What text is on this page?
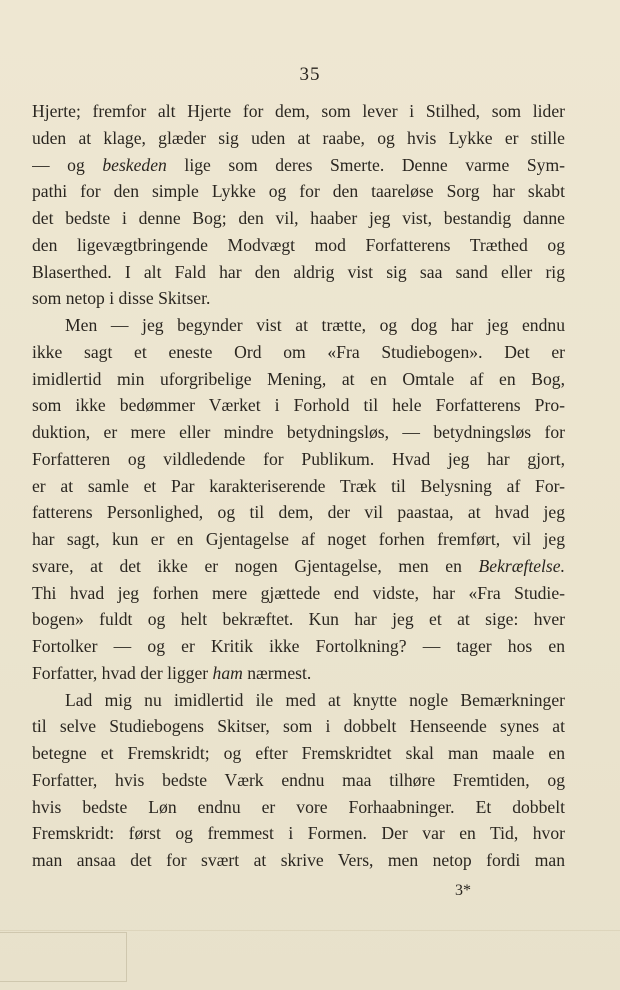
35
Hjerte; fremfor alt Hjerte for dem, som lever i Stilhed, som lider
uden at klage, glæder sig uden at raabe, og hvis Lykke er stille
— og beskeden lige som deres Smerte. Denne varme Sym-
pathi for den simple Lykke og for den taareløse Sorg har skabt
det bedste i denne Bog; den vil, haaber jeg vist, bestandig danne
den ligevægtbringende Modvægt mod Forfatterens Træthed og
Blaserthed. I alt Fald har den aldrig vist sig saa sand eller rig
som netop i disse Skitser.
Men — jeg begynder vist at trætte, og dog har jeg endnu
ikke sagt et eneste Ord om «Fra Studiebogen». Det er
imidlertid min uforgribelige Mening, at en Omtale af en Bog,
som ikke bedømmer Værket i Forhold til hele Forfatterens Pro-
duktion, er mere eller mindre betydningsløs, — betydningsløs for
Forfatteren og vildledende for Publikum. Hvad jeg har gjort,
er at samle et Par karakteriserende Træk til Belysning af For-
fatterens Personlighed, og til dem, der vil paastaa, at hvad jeg
har sagt, kun er en Gjentagelse af noget forhen fremført, vil jeg
svare, at det ikke er nogen Gjentagelse, men en Bekræftelse.
Thi hvad jeg forhen mere gjættede end vidste, har «Fra Studie-
bogen» fuldt og helt bekræftet. Kun har jeg et at sige: hver
Fortolker — og er Kritik ikke Fortolkning? — tager hos en
Forfatter, hvad der ligger ham nærmest.
Lad mig nu imidlertid ile med at knytte nogle Bemærkninger
til selve Studiebogens Skitser, som i dobbelt Henseende synes at
betegne et Fremskridt; og efter Fremskridtet skal man maale en
Forfatter, hvis bedste Værk endnu maa tilhøre Fremtiden, og
hvis bedste Løn endnu er vore Forhaabninger. Et dobbelt
Fremskridt: først og fremmest i Formen. Der var en Tid, hvor
man ansaa det for svært at skrive Vers, men netop fordi man
3*
